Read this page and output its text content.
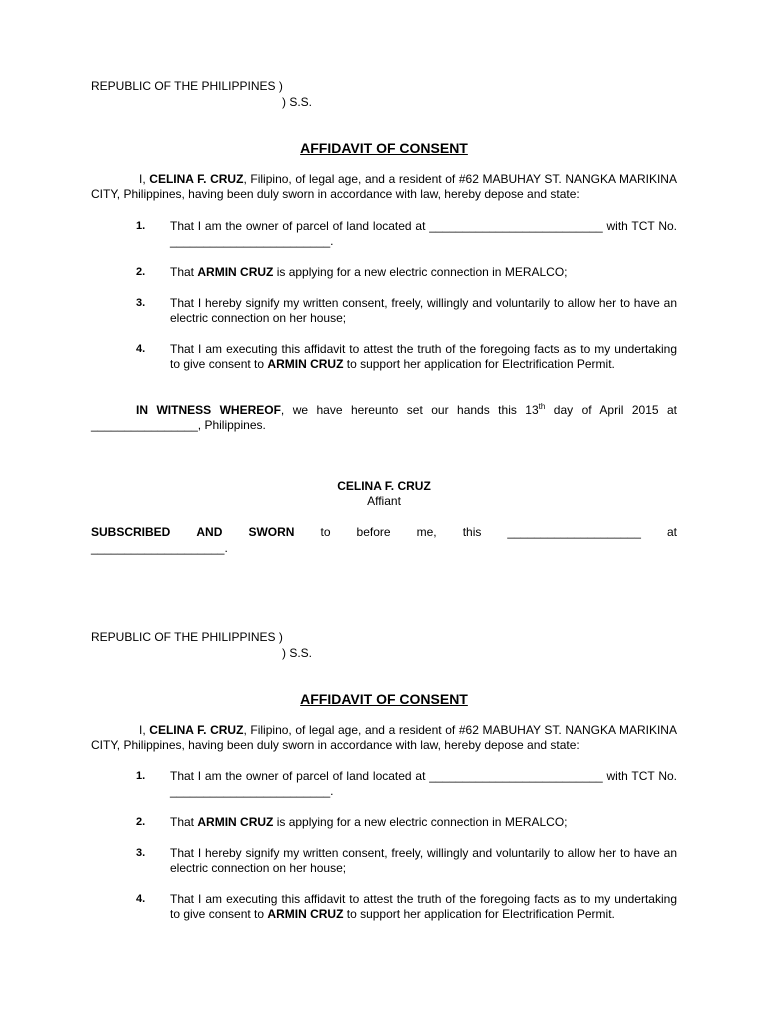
REPUBLIC OF THE PHILIPPINES )
) S.S.
AFFIDAVIT OF CONSENT
I, CELINA F. CRUZ, Filipino, of legal age, and a resident of #62 MABUHAY ST. NANGKA MARIKINA CITY, Philippines, having been duly sworn in accordance with law, hereby depose and state:
1. That I am the owner of parcel of land located at __________________________ with TCT No. ________________________.
2. That ARMIN CRUZ is applying for a new electric connection in MERALCO;
3. That I hereby signify my written consent, freely, willingly and voluntarily to allow her to have an electric connection on her house;
4. That I am executing this affidavit to attest the truth of the foregoing facts as to my undertaking to give consent to ARMIN CRUZ to support her application for Electrification Permit.
IN WITNESS WHEREOF, we have hereunto set our hands this 13th day of April 2015 at ________________, Philippines.
CELINA F. CRUZ
Affiant
SUBSCRIBED AND SWORN to before me, this ____________________ at
____________________.
REPUBLIC OF THE PHILIPPINES )
) S.S.
AFFIDAVIT OF CONSENT
I, CELINA F. CRUZ, Filipino, of legal age, and a resident of #62 MABUHAY ST. NANGKA MARIKINA CITY, Philippines, having been duly sworn in accordance with law, hereby depose and state:
1. That I am the owner of parcel of land located at __________________________ with TCT No. ________________________.
2. That ARMIN CRUZ is applying for a new electric connection in MERALCO;
3. That I hereby signify my written consent, freely, willingly and voluntarily to allow her to have an electric connection on her house;
4. That I am executing this affidavit to attest the truth of the foregoing facts as to my undertaking to give consent to ARMIN CRUZ to support her application for Electrification Permit.
